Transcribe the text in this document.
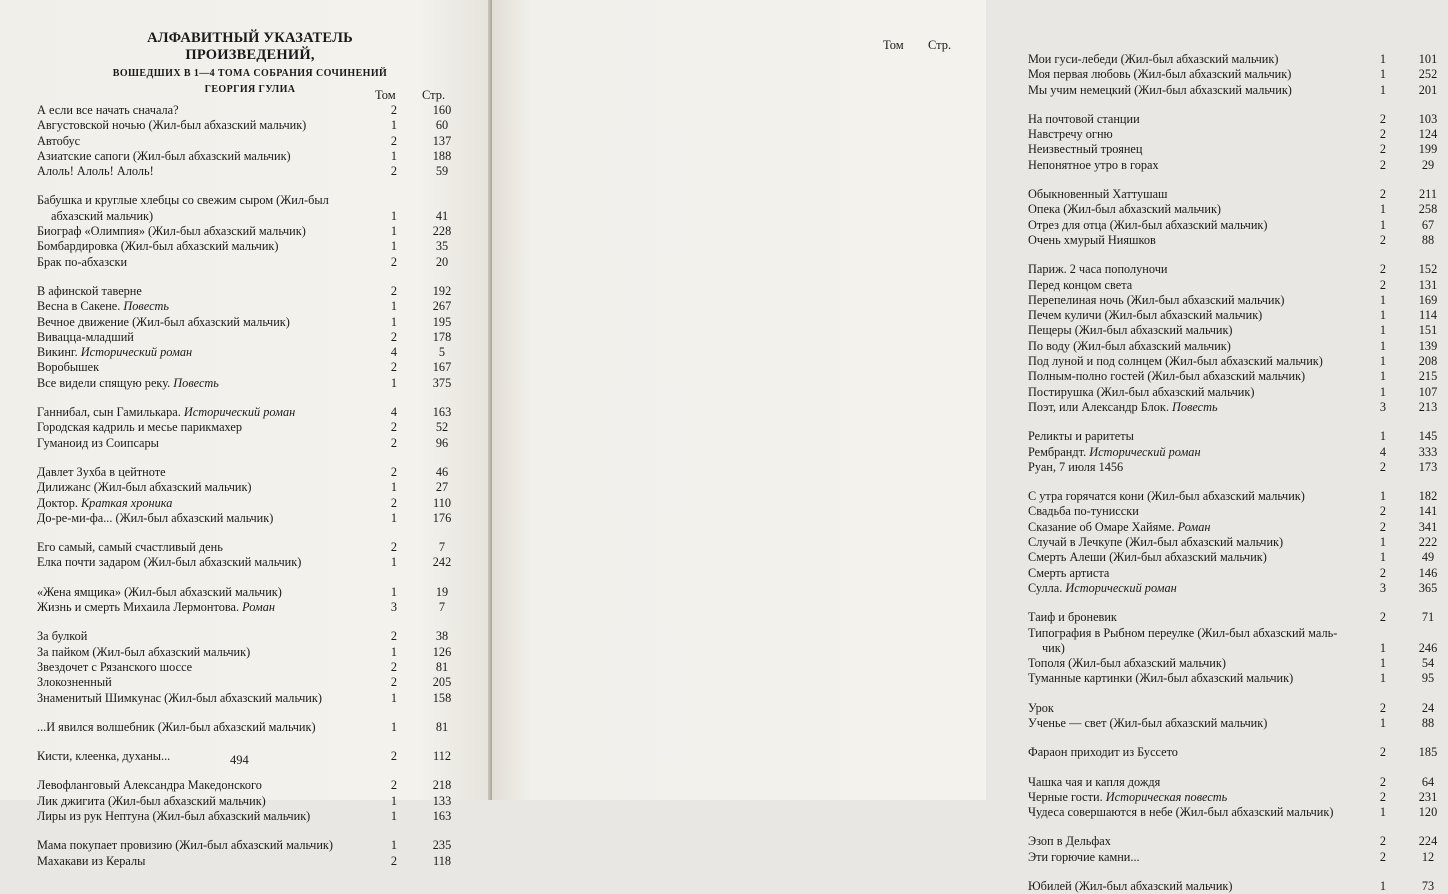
АЛФАВИТНЫЙ УКАЗАТЕЛЬ ПРОИЗВЕДЕНИЙ,
ВОШЕДШИХ В 1—4 ТОМА СОБРАНИЯ СОЧИНЕНИЙ
ГЕОРГИЯ ГУЛИА	Том Стр.
А если все начать сначала?	2	160
Августовской ночью (Жил-был абхазский мальчик)	1	60
Автобус	2	137
Азиатские сапоги (Жил-был абхазский мальчик)	1	188
Алоль! Алоль! Алоль!	2	59
Бабушка и круглые хлебцы со свежим сыром (Жил-был
абхазский мальчик)	1	41
Биограф «Олимпия» (Жил-был абхазский мальчик)	1	228
Бомбардировка (Жил-был абхазский мальчик)	1	35
Брак по-абхазски	2	20
В афинской таверне	2	192
Весна в Сакене. Повесть	1	267
Вечное движение (Жил-был абхазский мальчик)	1	195
Виваццa-младший	2	178
Викинг. Исторический роман	4	5
Воробышек	2	167
Все видели спящую реку. Повесть	1	375
Ганнибал, сын Гамилькара. Исторический роман	4	163
Городская кадриль и месье парикмахер	2	52
Гуманоид из Соипсары	2	96
Давлет Зухба в цейтноте	2	46
Дилижанс (Жил-был абхазский мальчик)	1	27
Доктор. Краткая хроника	2	110
До-ре-ми-фа... (Жил-был абхазский мальчик)	1	176
Его самый, самый счастливый день	2	7
Елка почти задаром (Жил-был абхазский мальчик)	1	242
«Жена ямщика» (Жил-был абхазский мальчик)	1	19
Жизнь и смерть Михаила Лермонтова. Роман	3	7
За булкой	2	38
За пайком (Жил-был абхазский мальчик)	1	126
Звездочет с Рязанского шоссе	2	81
Злокозненный	2	205
Знаменитый Шимкунас (Жил-был абхазский мальчик)	1	158
...И явился волшебник (Жил-был абхазский мальчик)	1	81
Кисти, клеенка, духаны...	2	112
Левофланговый Александра Македонского	2	218
Лик джигита (Жил-был абхазский мальчик)	1	133
Лиры из рук Нептуна (Жил-был абхазский мальчик)	1	163
Мама покупает провизию (Жил-был абхазский мальчик)	1	235
Махакави из Кералы	2	118
494
Том Стр.
Мои гуси-лебеди (Жил-был абхазский мальчик)	1	101
Моя первая любовь (Жил-был абхазский мальчик)	1	252
Мы учим немецкий (Жил-был абхазский мальчик)	1	201
На почтовой станции	2	103
Навстречу огню	2	124
Неизвестный троянец	2	199
Непонятное утро в горах	2	29
Обыкновенный Хаттушаш	2	211
Опека (Жил-был абхазский мальчик)	1	258
Отрез для отца (Жил-был абхазский мальчик)	1	67
Очень хмурый Нияшков	2	88
Париж. 2 часа пополуночи	2	152
Перед концом света	2	131
Перепелиная ночь (Жил-был абхазский мальчик)	1	169
Печем куличи (Жил-был абхазский мальчик)	1	114
Пещеры (Жил-был абхазский мальчик)	1	151
По воду (Жил-был абхазский мальчик)	1	139
Под луной и под солнцем (Жил-был абхазский мальчик)	1	208
Полным-полно гостей (Жил-был абхазский мальчик)	1	215
Постирушка (Жил-был абхазский мальчик)	1	107
Поэт, или Александр Блок. Повесть	3	213
Реликты и раритеты	1	145
Рембрандт. Исторический роман	4	333
Руан, 7 июля 1456	2	173
С утра горячатся кони (Жил-был абхазский мальчик)	1	182
Свадьба по-тунисски	2	141
Сказание об Омаре Хайяме. Роман	2	341
Случай в Лечкупе (Жил-был абхазский мальчик)	1	222
Смерть Алеши (Жил-был абхазский мальчик)	1	49
Смерть артиста	2	146
Сулла. Исторический роман	3	365
Таиф и броневик	2	71
Типография в Рыбном переулке (Жил-был абхазский маль-
чик)	1	246
Тополя (Жил-был абхазский мальчик)	1	54
Туманные картинки (Жил-был абхазский мальчик)	1	95
Урок	2	24
Ученье — свет (Жил-был абхазский мальчик)	1	88
Фараон приходит из Буссето	2	185
Чашка чая и капля дождя	2	64
Черные гости. Историческая повесть	2	231
Чудеса совершаются в небе (Жил-был абхазский мальчик)	1	120
Эзоп в Дельфах	2	224
Эти горючие камни...	2	12
Юбилей (Жил-был абхазский мальчик)	1	73
